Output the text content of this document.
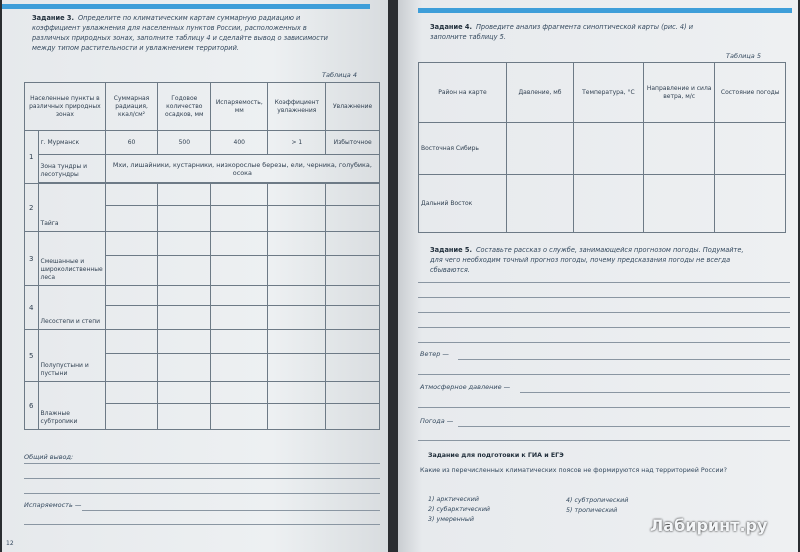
Задание 3. Определите по климатическим картам суммарную радиацию и коэффициент увлажнения для населенных пунктов России, расположенных в различных природных зонах, заполните таблицу 4 и сделайте вывод о зависимости между типом растительности и увлажнением территорий.
Таблица 4
Населенные пункты в различных природных зонах		Суммарная радиация, ккал/см²	Годовое количество осадков, мм	Испаряемость, мм	Коэффициент увлажнения	Увлажнение
1	г. Мурманск	60	500	400	> 1	Избыточное
	Зона тундры и лесотундры	Мхи, лишайники, кустарники, низкорослые березы, ели, черника, голубика, осока				

2	Тайга					

3	Смешанные и широколиственные леса					

4	Лесостепи и степи					

5	Полупустыни и пустыни					

6	Влажные субтропики					

Общий вывод:
Испаряемость —
12
Задание 4. Проведите анализ фрагмента синоптической карты (рис. 4) и заполните таблицу 5.
Таблица 5
Район на карте	Давление, мб	Температура, °С	Направление и сила ветра, м/с	Состояние погоды
Восточная Сибирь				
Дальний Восток				
Задание 5. Составьте рассказ о службе, занимающейся прогнозом погоды. Подумайте, для чего необходим точный прогноз погоды, почему предсказания погоды не всегда сбываются.
Ветер —
Атмосферное давление —
Погода —
Задание для подготовки к ГИА и ЕГЭ
Какие из перечисленных климатических поясов не формируются над территорией России?
1) арктический
2) субарктический
3) умеренный
4) субтропический
5) тропический
Лабиринт.ру
